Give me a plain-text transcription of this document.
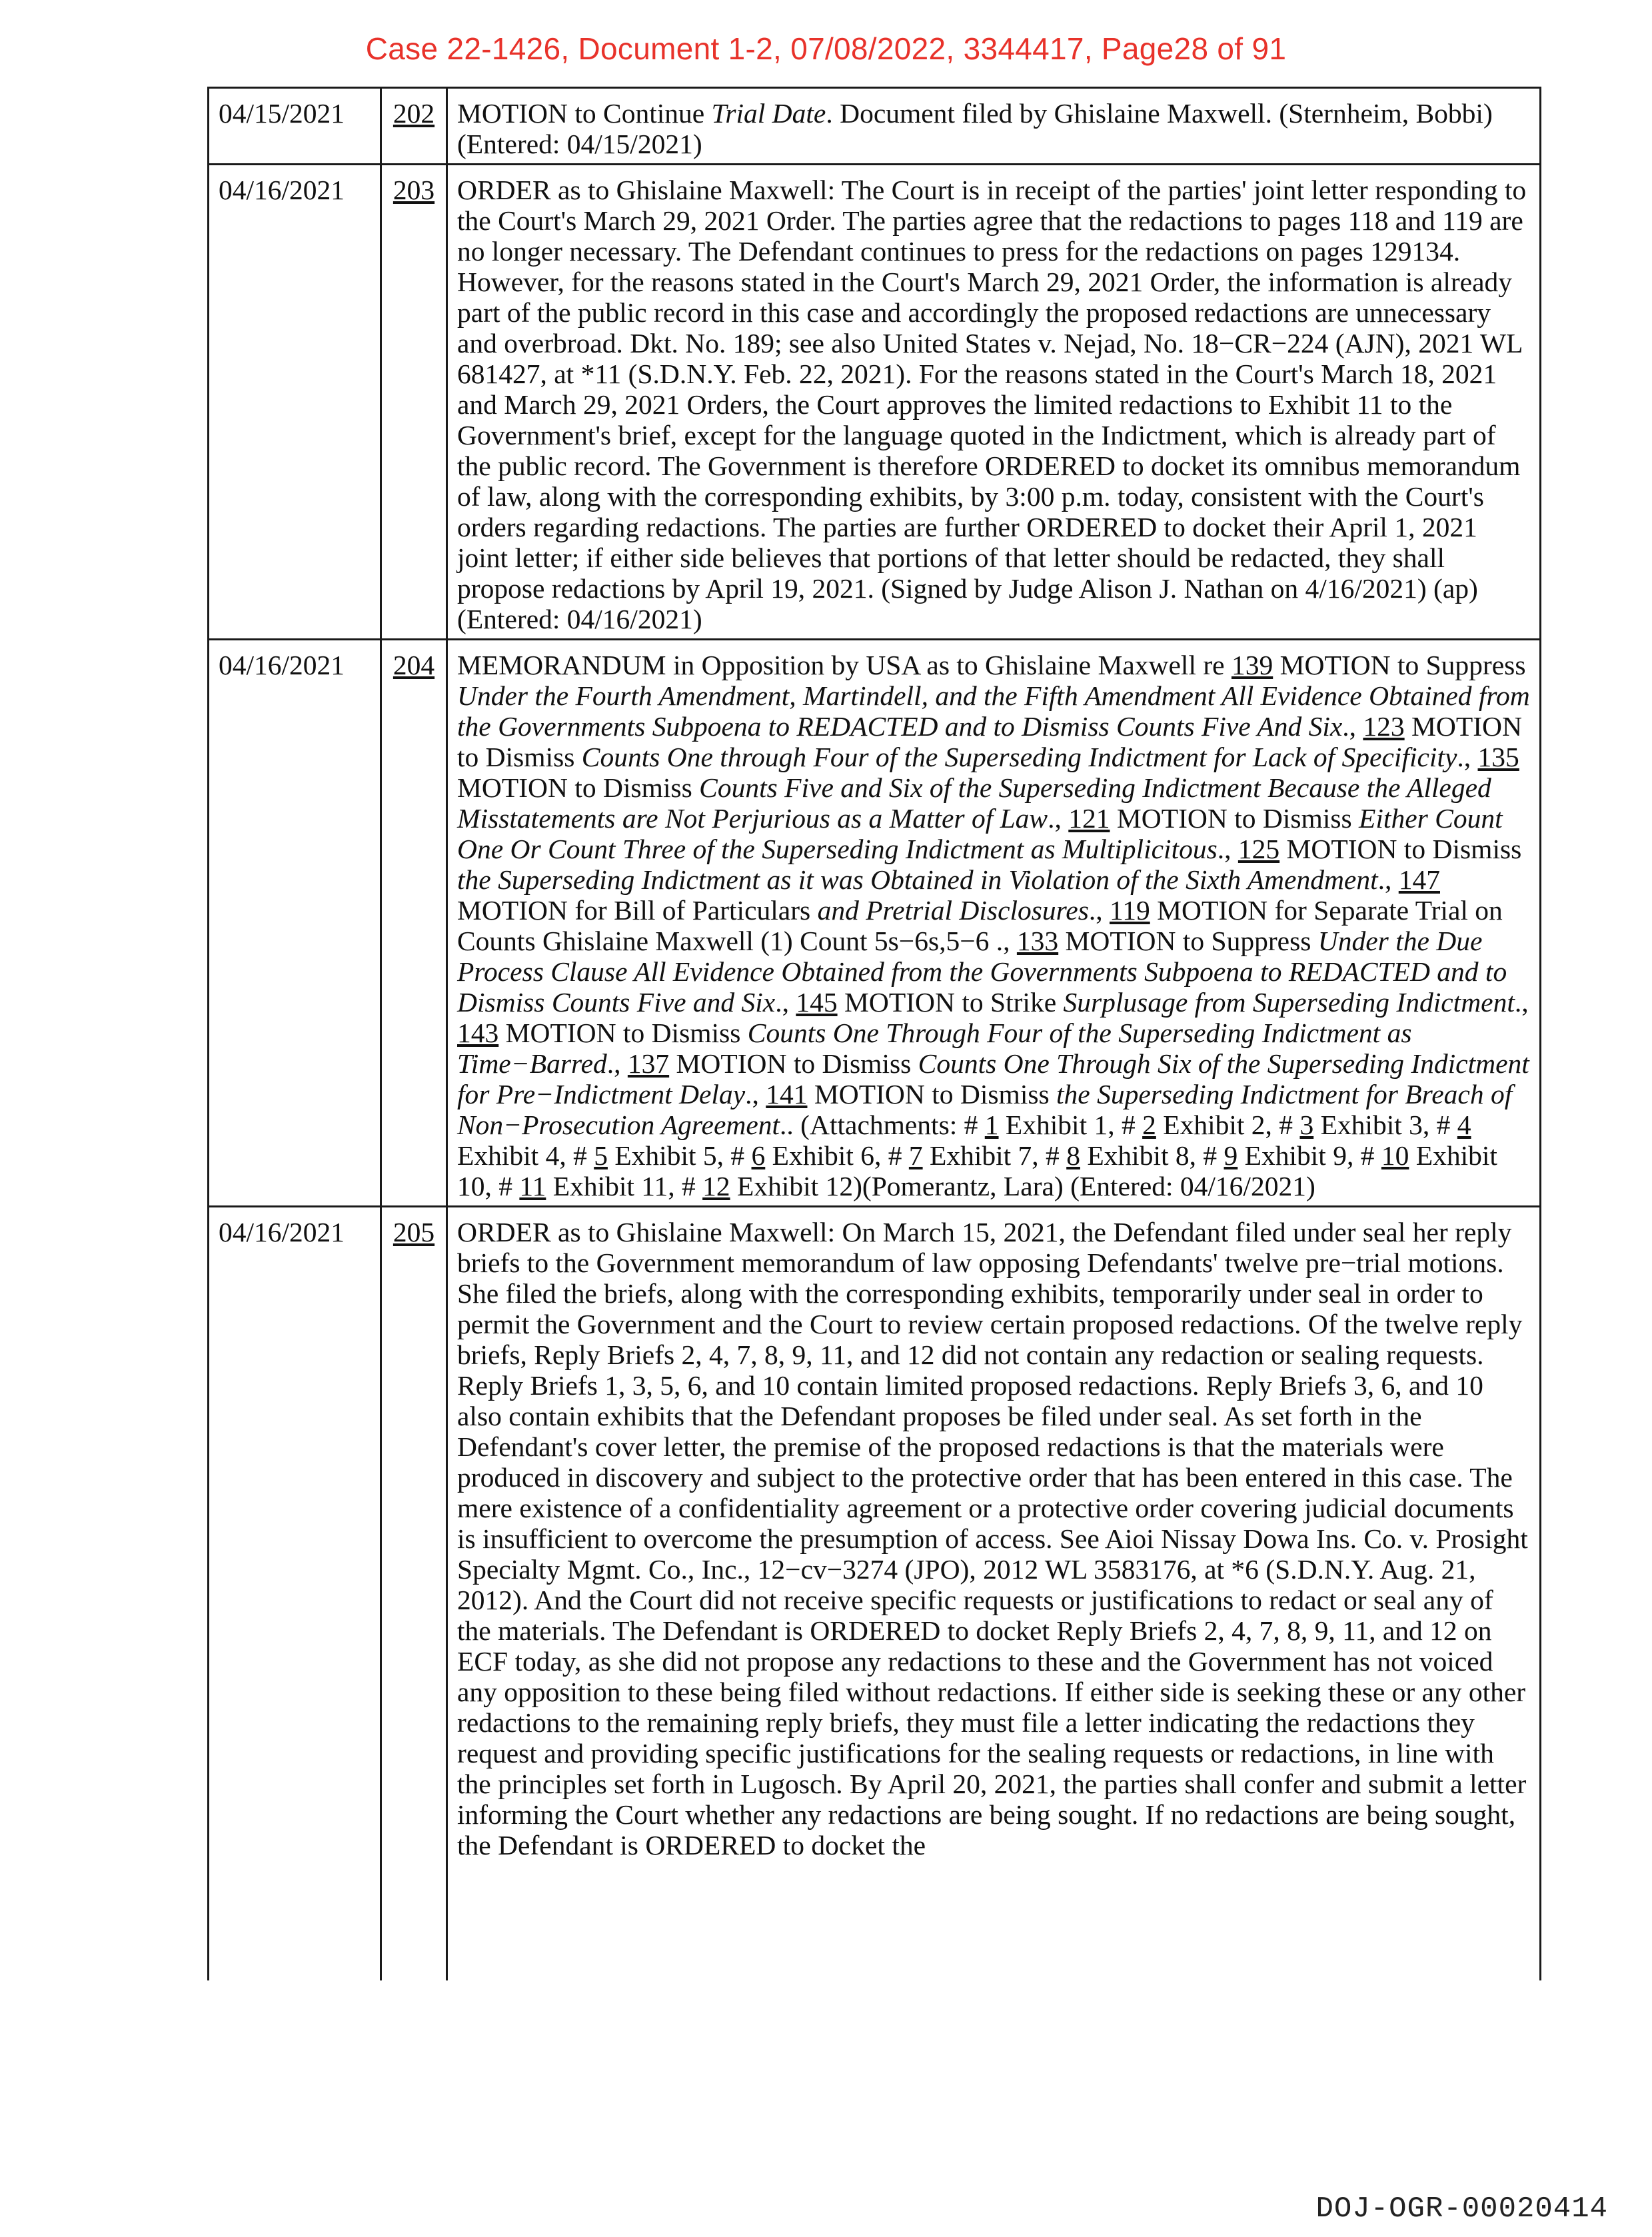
Case 22-1426, Document 1-2, 07/08/2022, 3344417, Page28 of 91
04/15/2021	202	MOTION to Continue Trial Date. Document filed by Ghislaine Maxwell. (Sternheim, Bobbi) (Entered: 04/15/2021)
04/16/2021	203	ORDER as to Ghislaine Maxwell: The Court is in receipt of the parties' joint letter responding to the Court's March 29, 2021 Order. The parties agree that the redactions to pages 118 and 119 are no longer necessary. The Defendant continues to press for the redactions on pages 129134. However, for the reasons stated in the Court's March 29, 2021 Order, the information is already part of the public record in this case and accordingly the proposed redactions are unnecessary and overbroad. Dkt. No. 189; see also United States v. Nejad, No. 18−CR−224 (AJN), 2021 WL 681427, at *11 (S.D.N.Y. Feb. 22, 2021). For the reasons stated in the Court's March 18, 2021 and March 29, 2021 Orders, the Court approves the limited redactions to Exhibit 11 to the Government's brief, except for the language quoted in the Indictment, which is already part of the public record. The Government is therefore ORDERED to docket its omnibus memorandum of law, along with the corresponding exhibits, by 3:00 p.m. today, consistent with the Court's orders regarding redactions. The parties are further ORDERED to docket their April 1, 2021 joint letter; if either side believes that portions of that letter should be redacted, they shall propose redactions by April 19, 2021. (Signed by Judge Alison J. Nathan on 4/16/2021) (ap) (Entered: 04/16/2021)
04/16/2021	204	MEMORANDUM in Opposition by USA as to Ghislaine Maxwell re 139 MOTION to Suppress Under the Fourth Amendment, Martindell, and the Fifth Amendment All Evidence Obtained from the Governments Subpoena to REDACTED and to Dismiss Counts Five And Six., 123 MOTION to Dismiss Counts One through Four of the Superseding Indictment for Lack of Specificity., 135 MOTION to Dismiss Counts Five and Six of the Superseding Indictment Because the Alleged Misstatements are Not Perjurious as a Matter of Law., 121 MOTION to Dismiss Either Count One Or Count Three of the Superseding Indictment as Multiplicitous., 125 MOTION to Dismiss the Superseding Indictment as it was Obtained in Violation of the Sixth Amendment., 147 MOTION for Bill of Particulars and Pretrial Disclosures., 119 MOTION for Separate Trial on Counts Ghislaine Maxwell (1) Count 5s−6s,5−6 ., 133 MOTION to Suppress Under the Due Process Clause All Evidence Obtained from the Governments Subpoena to REDACTED and to Dismiss Counts Five and Six., 145 MOTION to Strike Surplusage from Superseding Indictment., 143 MOTION to Dismiss Counts One Through Four of the Superseding Indictment as Time−Barred., 137 MOTION to Dismiss Counts One Through Six of the Superseding Indictment for Pre−Indictment Delay., 141 MOTION to Dismiss the Superseding Indictment for Breach of Non−Prosecution Agreement.. (Attachments: # 1 Exhibit 1, # 2 Exhibit 2, # 3 Exhibit 3, # 4 Exhibit 4, # 5 Exhibit 5, # 6 Exhibit 6, # 7 Exhibit 7, # 8 Exhibit 8, # 9 Exhibit 9, # 10 Exhibit 10, # 11 Exhibit 11, # 12 Exhibit 12)(Pomerantz, Lara) (Entered: 04/16/2021)
04/16/2021	205	ORDER as to Ghislaine Maxwell: On March 15, 2021, the Defendant filed under seal her reply briefs to the Government memorandum of law opposing Defendants' twelve pre−trial motions. She filed the briefs, along with the corresponding exhibits, temporarily under seal in order to permit the Government and the Court to review certain proposed redactions. Of the twelve reply briefs, Reply Briefs 2, 4, 7, 8, 9, 11, and 12 did not contain any redaction or sealing requests. Reply Briefs 1, 3, 5, 6, and 10 contain limited proposed redactions. Reply Briefs 3, 6, and 10 also contain exhibits that the Defendant proposes be filed under seal. As set forth in the Defendant's cover letter, the premise of the proposed redactions is that the materials were produced in discovery and subject to the protective order that has been entered in this case. The mere existence of a confidentiality agreement or a protective order covering judicial documents is insufficient to overcome the presumption of access. See Aioi Nissay Dowa Ins. Co. v. Prosight Specialty Mgmt. Co., Inc., 12−cv−3274 (JPO), 2012 WL 3583176, at *6 (S.D.N.Y. Aug. 21, 2012). And the Court did not receive specific requests or justifications to redact or seal any of the materials. The Defendant is ORDERED to docket Reply Briefs 2, 4, 7, 8, 9, 11, and 12 on ECF today, as she did not propose any redactions to these and the Government has not voiced any opposition to these being filed without redactions. If either side is seeking these or any other redactions to the remaining reply briefs, they must file a letter indicating the redactions they request and providing specific justifications for the sealing requests or redactions, in line with the principles set forth in Lugosch. By April 20, 2021, the parties shall confer and submit a letter informing the Court whether any redactions are being sought. If no redactions are being sought, the Defendant is ORDERED to docket the
DOJ-OGR-00020414
